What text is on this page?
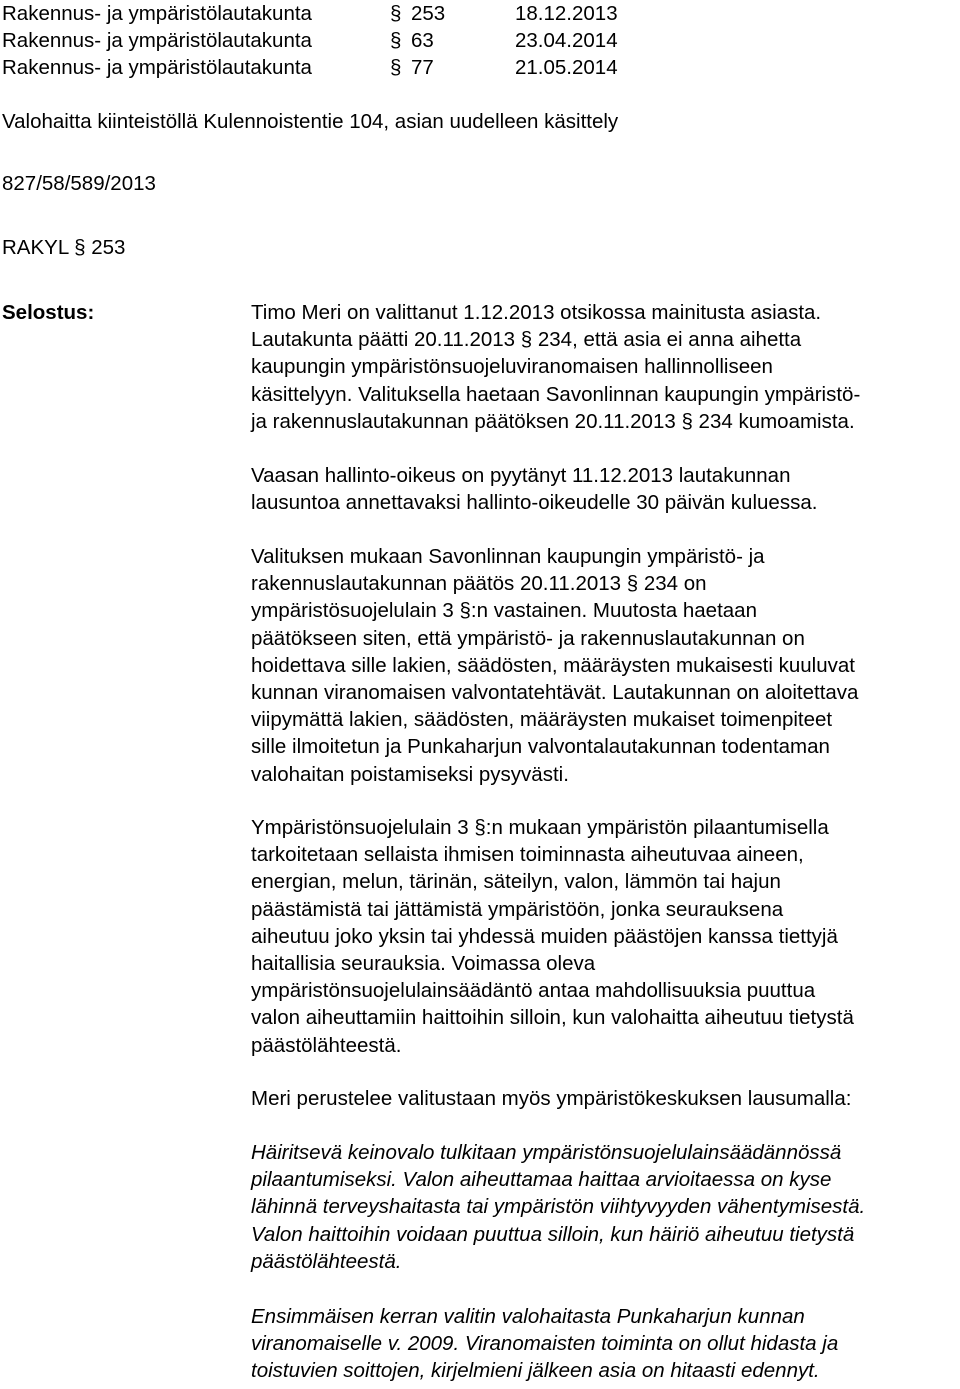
Rakennus- ja ympäristölautakunta	§ 253	18.12.2013
Rakennus- ja ympäristölautakunta	§ 63	23.04.2014
Rakennus- ja ympäristölautakunta	§ 77	21.05.2014
Valohaitta kiinteistöllä Kulennoistentie 104, asian uudelleen käsittely
827/58/589/2013
RAKYL § 253
Selostus:	Timo Meri on valittanut 1.12.2013 otsikossa mainitusta asiasta.
Lautakunta päätti 20.11.2013 § 234, että asia ei anna aihetta
kaupungin ympäristönsuojeluviranomaisen hallinnolliseen
käsittelyyn. Valituksella haetaan Savonlinnan kaupungin ympäristö-
ja rakennuslautakunnan päätöksen 20.11.2013 § 234 kumoamista.
Vaasan hallinto-oikeus on pyytänyt 11.12.2013 lautakunnan
lausuntoa annettavaksi hallinto-oikeudelle 30 päivän kuluessa.
Valituksen mukaan Savonlinnan kaupungin ympäristö- ja
rakennuslautakunnan päätös 20.11.2013 § 234 on
ympäristösuojelulain 3 §:n vastainen. Muutosta haetaan
päätökseen siten, että ympäristö- ja rakennuslautakunnan on
hoidettava sille lakien, säädösten, määräysten mukaisesti kuuluvat
kunnan viranomaisen valvontatehtävät. Lautakunnan on aloitettava
viipymättä lakien, säädösten, määräysten mukaiset toimenpiteet
sille ilmoitetun ja Punkaharjun valvontalautakunnan todentaman
valohaitan poistamiseksi pysyvästi.
Ympäristönsuojelulain 3 §:n mukaan ympäristön pilaantumisella
tarkoitetaan sellaista ihmisen toiminnasta aiheutuvaa aineen,
energian, melun, tärinän, säteilyn, valon, lämmön tai hajun
päästämistä tai jättämistä ympäristöön, jonka seurauksena
aiheutuu joko yksin tai yhdessä muiden päästöjen kanssa tiettyjä
haitallisia seurauksia. Voimassa oleva
ympäristönsuojelulainsäädäntö antaa mahdollisuuksia puuttua
valon aiheuttamiin haittoihin silloin, kun valohaitta aiheutuu tietystä
päästölähteestä.
Meri perustelee valitustaan myös ympäristökeskuksen lausumalla:
Häiritsevä keinovalo tulkitaan ympäristönsuojelulainsäädännössä
pilaantumiseksi. Valon aiheuttamaa haittaa arvioitaessa on kyse
lähinnä terveyshaitasta tai ympäristön viihtyvyyden vähentymisestä.
Valon haittoihin voidaan puuttua silloin, kun häiriö aiheutuu tietystä
päästölähteestä.
Ensimmäisen kerran valitin valohaitasta Punkaharjun kunnan
viranomaiselle v. 2009. Viranomaisten toiminta on ollut hidasta ja
toistuvien soittojen, kirjelmieni jälkeen asia on hitaasti edennyt.
